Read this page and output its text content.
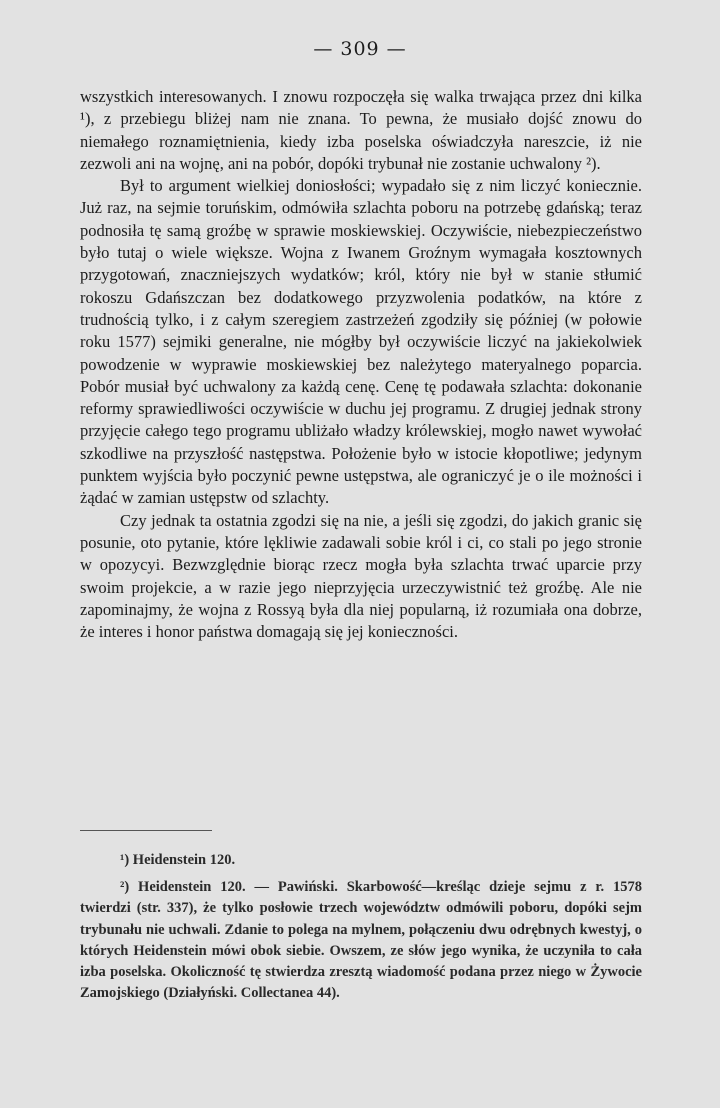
— 309 —

wszystkich interesowanych. I znowu rozpoczęła się walka trwająca przez dni kilka ¹), z przebiegu bliżej nam nie znana. To pewna, że musiało dojść znowu do niemałego roznamiętnienia, kiedy izba poselska oświadczyła nareszcie, iż nie zezwoli ani na wojnę, ani na pobór, dopóki trybunał nie zostanie uchwalony ²).

Był to argument wielkiej doniosłości; wypadało się z nim liczyć koniecznie. Już raz, na sejmie toruńskim, odmówiła szlachta poboru na potrzebę gdańską; teraz podnosiła tę samą groźbę w sprawie moskiewskiej. Oczywiście, niebezpieczeństwo było tutaj o wiele większe. Wojna z Iwanem Groźnym wymagała kosztownych przygotowań, znaczniejszych wydatków; król, który nie był w stanie stłumić rokoszu Gdańszczan bez dodatkowego przyzwolenia podatków, na które z trudnością tylko, i z całym szeregiem zastrzeżeń zgodziły się później (w połowie roku 1577) sejmiki generalne, nie mógłby był oczywiście liczyć na jakiekolwiek powodzenie w wyprawie moskiewskiej bez należytego materyalnego poparcia. Pobór musiał być uchwalony za każdą cenę. Cenę tę podawała szlachta: dokonanie reformy sprawiedliwości oczywiście w duchu jej programu. Z drugiej jednak strony przyjęcie całego tego programu ubliżało władzy królewskiej, mogło nawet wywołać szkodliwe na przyszłość następstwa. Położenie było w istocie kłopotliwe; jedynym punktem wyjścia było poczynić pewne ustępstwa, ale ograniczyć je o ile możności i żądać w zamian ustępstw od szlachty.

Czy jednak ta ostatnia zgodzi się na nie, a jeśli się zgodzi, do jakich granic się posunie, oto pytanie, które lękliwie zadawali sobie król i ci, co stali po jego stronie w opozycyi. Bezwzględnie biorąc rzecz mogła była szlachta trwać uparcie przy swoim projekcie, a w razie jego nieprzyjęcia urzeczywistnić też groźbę. Ale nie zapominajmy, że wojna z Rossyą była dla niej popularną, iż rozumiała ona dobrze, że interes i honor państwa domagają się jej konieczności.

¹) Heidenstein 120.

²) Heidenstein 120. — Pawiński. Skarbowość—kreśląc dzieje sejmu z r. 1578 twierdzi (str. 337), że tylko posłowie trzech województw odmówili poboru, dopóki sejm trybunału nie uchwali. Zdanie to polega na mylnem, połączeniu dwu odrębnych kwestyj, o których Heidenstein mówi obok siebie. Owszem, ze słów jego wynika, że uczyniła to cała izba poselska. Okoliczność tę stwierdza zresztą wiadomość podana przez niego w Żywocie Zamojskiego (Działyński. Collectanea 44).
